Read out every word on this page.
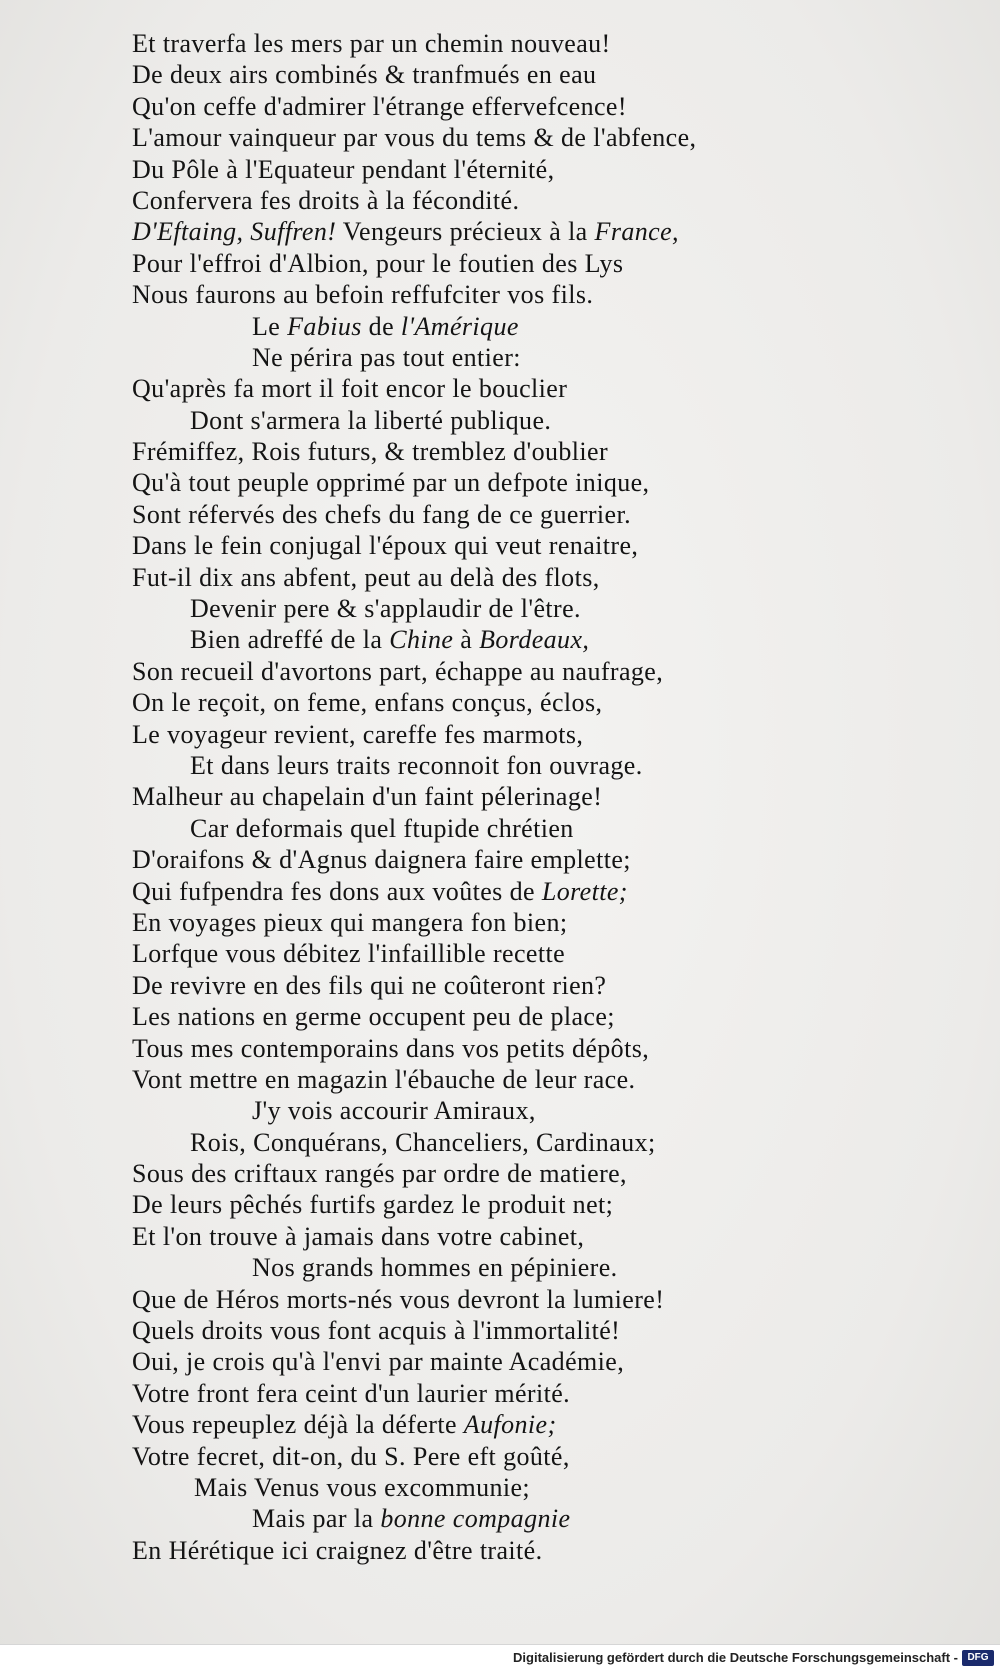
Et traverfa les mers par un chemin nouveau!
De deux airs combinés & tranfmués en eau
Qu'on ceffe d'admirer l'étrange effervefcence!
L'amour vainqueur par vous du tems & de l'abfence,
Du Pôle à l'Equateur pendant l'éternité,
Confervera fes droits à la fécondité.
D'Eftaing, Suffren! Vengeurs précieux à la France,
Pour l'effroi d'Albion, pour le foutien des Lys
Nous faurons au befoin reffufciter vos fils.
Le Fabius de l'Amérique
Ne périra pas tout entier:
Qu'après fa mort il foit encor le bouclier
Dont s'armera la liberté publique.
Frémiffez, Rois futurs, & tremblez d'oublier
Qu'à tout peuple opprimé par un defpote inique,
Sont réfervés des chefs du fang de ce guerrier.
Dans le fein conjugal l'époux qui veut renaitre,
Fut-il dix ans abfent, peut au delà des flots,
Devenir pere & s'applaudir de l'être.
Bien adreffé de la Chine à Bordeaux,
Son recueil d'avortons part, échappe au naufrage,
On le reçoit, on feme, enfans conçus, éclos,
Le voyageur revient, careffe fes marmots,
Et dans leurs traits reconnoit fon ouvrage.
Malheur au chapelain d'un faint pélerinage!
Car deformais quel ftupide chrétien
D'oraifons & d'Agnus daignera faire emplette;
Qui fufpendra fes dons aux voûtes de Lorette;
En voyages pieux qui mangera fon bien;
Lorfque vous débitez l'infaillible recette
De revivre en des fils qui ne coûteront rien?
Les nations en germe occupent peu de place;
Tous mes contemporains dans vos petits dépôts,
Vont mettre en magazin l'ébauche de leur race.
J'y vois accourir Amiraux,
Rois, Conquérans, Chanceliers, Cardinaux;
Sous des criftaux rangés par ordre de matiere,
De leurs pêchés furtifs gardez le produit net;
Et l'on trouve à jamais dans votre cabinet,
Nos grands hommes en pépiniere.
Que de Héros morts-nés vous devront la lumiere!
Quels droits vous font acquis à l'immortalité!
Oui, je crois qu'à l'envi par mainte Académie,
Votre front fera ceint d'un laurier mérité.
Vous repeuplez déjà la déferte Aufonie;
Votre fecret, dit-on, du S. Pere eft goûté,
Mais Venus vous excommunie;
Mais par la bonne compagnie
En Hérétique ici craignez d'être traité.
Digitalisierung gefördert durch die Deutsche Forschungsgemeinschaft - DFG
